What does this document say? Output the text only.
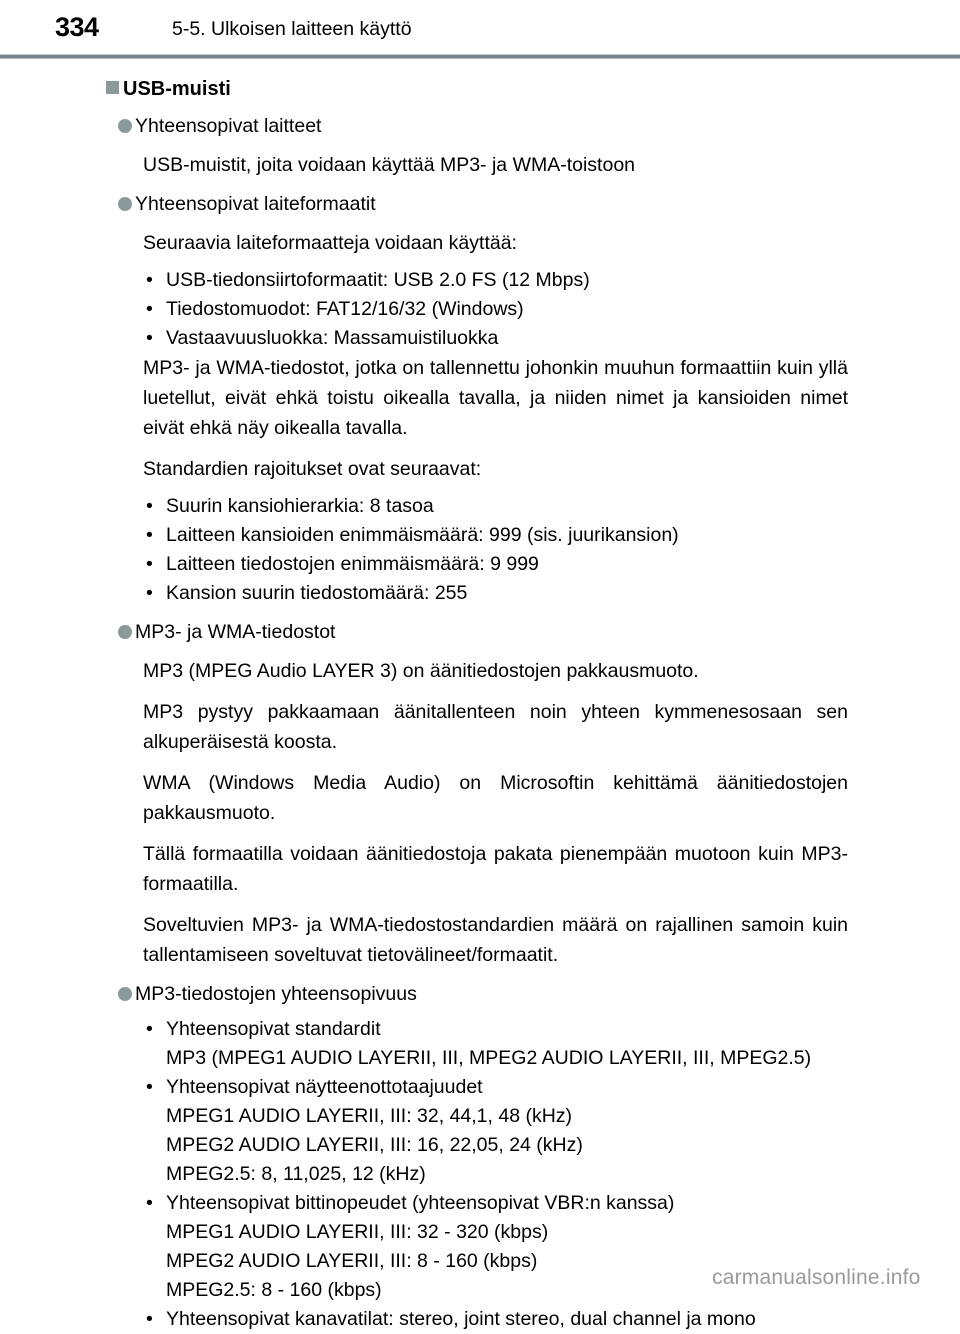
334	5-5. Ulkoisen laitteen käyttö
USB-muisti
Yhteensopivat laitteet
USB-muistit, joita voidaan käyttää MP3- ja WMA-toistoon
Yhteensopivat laiteformaatit
Seuraavia laiteformaatteja voidaan käyttää:
• USB-tiedonsiirtoformaatit: USB 2.0 FS (12 Mbps)
• Tiedostomuodot: FAT12/16/32 (Windows)
• Vastaavuusluokka: Massamuistiluokka
MP3- ja WMA-tiedostot, jotka on tallennettu johonkin muuhun formaattiin kuin yllä luetellut, eivät ehkä toistu oikealla tavalla, ja niiden nimet ja kansioiden nimet eivät ehkä näy oikealla tavalla.
Standardien rajoitukset ovat seuraavat:
• Suurin kansiohierarkia: 8 tasoa
• Laitteen kansioiden enimmäismäärä: 999 (sis. juurikansion)
• Laitteen tiedostojen enimmäismäärä: 9 999
• Kansion suurin tiedostomäärä: 255
MP3- ja WMA-tiedostot
MP3 (MPEG Audio LAYER 3) on äänitiedostojen pakkausmuoto.
MP3 pystyy pakkaamaan äänitallenteen noin yhteen kymmenesosaan sen alkuperäisestä koosta.
WMA (Windows Media Audio) on Microsoftin kehittämä äänitiedostojen pakkausmuoto.
Tällä formaatilla voidaan äänitiedostoja pakata pienempään muotoon kuin MP3-formaatilla.
Soveltuvien MP3- ja WMA-tiedostostandardien määrä on rajallinen samoin kuin tallentamiseen soveltuvat tietovälineet/formaatit.
MP3-tiedostojen yhteensopivuus
• Yhteensopivat standardit
MP3 (MPEG1 AUDIO LAYERII, III, MPEG2 AUDIO LAYERII, III, MPEG2.5)
• Yhteensopivat näytteenottotaajuudet
MPEG1 AUDIO LAYERII, III: 32, 44,1, 48 (kHz)
MPEG2 AUDIO LAYERII, III: 16, 22,05, 24 (kHz)
MPEG2.5: 8, 11,025, 12 (kHz)
• Yhteensopivat bittinopeudet (yhteensopivat VBR:n kanssa)
MPEG1 AUDIO LAYERII, III: 32 - 320 (kbps)
MPEG2 AUDIO LAYERII, III: 8 - 160 (kbps)
MPEG2.5: 8 - 160 (kbps)
• Yhteensopivat kanavatilat: stereo, joint stereo, dual channel ja mono
carmanualsonline.info
